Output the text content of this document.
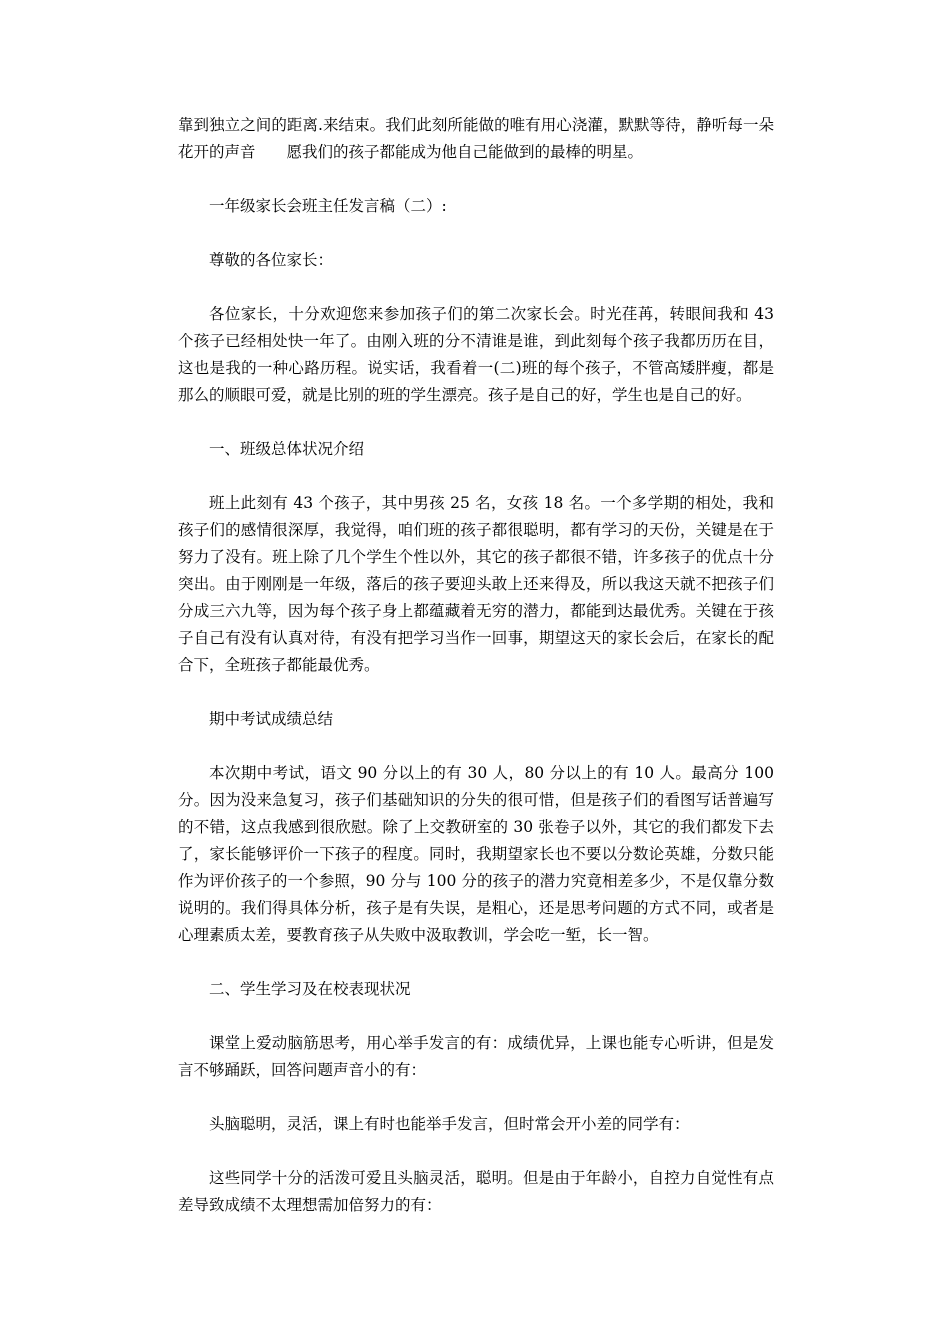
靠到独立之间的距离.来结束。我们此刻所能做的唯有用心浇灌，默默等待，静听每一朵花开的声音　　愿我们的孩子都能成为他自己能做到的最棒的明星。

一年级家长会班主任发言稿（二）:

尊敬的各位家长：

各位家长，十分欢迎您来参加孩子们的第二次家长会。时光荏苒，转眼间我和 43 个孩子已经相处快一年了。由刚入班的分不清谁是谁，到此刻每个孩子我都历历在目，这也是我的一种心路历程。说实话，我看着一(二)班的每个孩子，不管高矮胖瘦，都是那么的顺眼可爱，就是比别的班的学生漂亮。孩子是自己的好，学生也是自己的好。

一、班级总体状况介绍

班上此刻有 43 个孩子，其中男孩 25 名，女孩 18 名。一个多学期的相处，我和孩子们的感情很深厚，我觉得，咱们班的孩子都很聪明，都有学习的天份，关键是在于努力了没有。班上除了几个学生个性以外，其它的孩子都很不错，许多孩子的优点十分突出。由于刚刚是一年级，落后的孩子要迎头敢上还来得及，所以我这天就不把孩子们分成三六九等，因为每个孩子身上都蕴藏着无穷的潜力，都能到达最优秀。关键在于孩子自己有没有认真对待，有没有把学习当作一回事，期望这天的家长会后，在家长的配合下，全班孩子都能最优秀。

期中考试成绩总结

本次期中考试，语文 90 分以上的有 30 人，80 分以上的有 10 人。最高分 100 分。因为没来急复习，孩子们基础知识的分失的很可惜，但是孩子们的看图写话普遍写的不错，这点我感到很欣慰。除了上交教研室的 30 张卷子以外，其它的我们都发下去了，家长能够评价一下孩子的程度。同时，我期望家长也不要以分数论英雄，分数只能作为评价孩子的一个参照，90 分与 100 分的孩子的潜力究竟相差多少，不是仅靠分数说明的。我们得具体分析，孩子是有失误，是粗心，还是思考问题的方式不同，或者是心理素质太差，要教育孩子从失败中汲取教训，学会吃一堑，长一智。

二、学生学习及在校表现状况

课堂上爱动脑筋思考，用心举手发言的有：成绩优异，上课也能专心听讲，但是发言不够踊跃，回答问题声音小的有：

头脑聪明，灵活，课上有时也能举手发言，但时常会开小差的同学有：

这些同学十分的活泼可爱且头脑灵活，聪明。但是由于年龄小，自控力自觉性有点差导致成绩不太理想需加倍努力的有：
